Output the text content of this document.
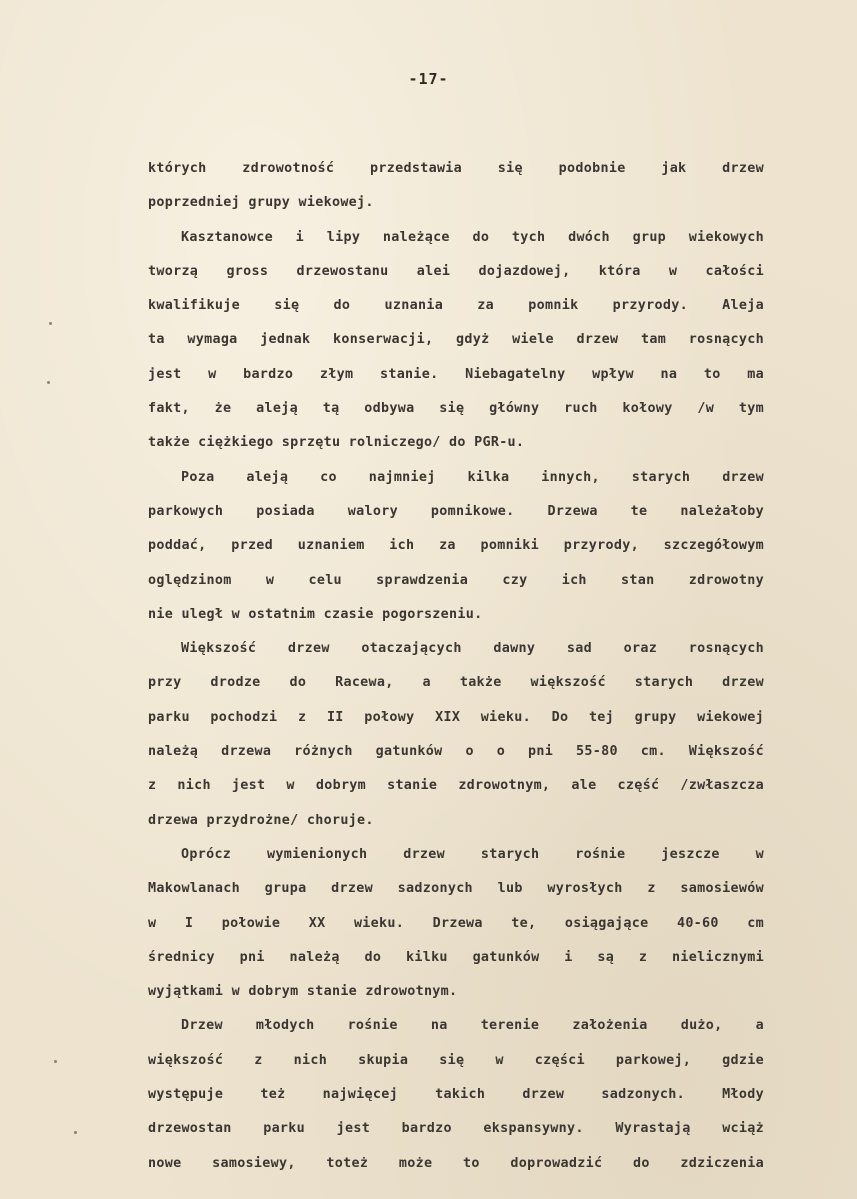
-17-

których zdrowotność przedstawia się podobnie jak drzew

poprzedniej grupy wiekowej.

Kasztanowce i lipy należące do tych dwóch grup wiekowych

tworzą gross drzewostanu alei dojazdowej, która w całości

kwalifikuje się do uznania za pomnik przyrody. Aleja

ta wymaga jednak konserwacji, gdyż wiele drzew tam rosnących

jest w bardzo złym stanie. Niebagatelny wpływ na to ma

fakt, że aleją tą odbywa się główny ruch kołowy /w tym

także ciężkiego sprzętu rolniczego/ do PGR-u.

Poza aleją co najmniej kilka innych, starych drzew

parkowych posiada walory pomnikowe. Drzewa te należałoby

poddać, przed uznaniem ich za pomniki przyrody, szczegółowym

oględzinom w celu sprawdzenia czy ich stan zdrowotny

nie uległ w ostatnim czasie pogorszeniu.

Większość drzew otaczających dawny sad oraz rosnących

przy drodze do Racewa, a także większość starych drzew

parku pochodzi z II połowy XIX wieku. Do tej grupy wiekowej

należą drzewa różnych gatunków o o pni 55-80 cm. Większość

z nich jest w dobrym stanie zdrowotnym, ale część /zwłaszcza

drzewa przydrożne/ choruje.

Oprócz wymienionych drzew starych rośnie jeszcze w

Makowlanach grupa drzew sadzonych lub wyrosłych z samosiewów

w I połowie XX wieku. Drzewa te, osiągające 40-60 cm

średnicy pni należą do kilku gatunków i są z nielicznymi

wyjątkami w dobrym stanie zdrowotnym.

Drzew młodych rośnie na terenie założenia dużo, a

większość z nich skupia się w części parkowej, gdzie

występuje też najwięcej takich drzew sadzonych. Młody

drzewostan parku jest bardzo ekspansywny. Wyrastają wciąż

nowe samosiewy, toteż może to doprowadzić do zdziczenia
